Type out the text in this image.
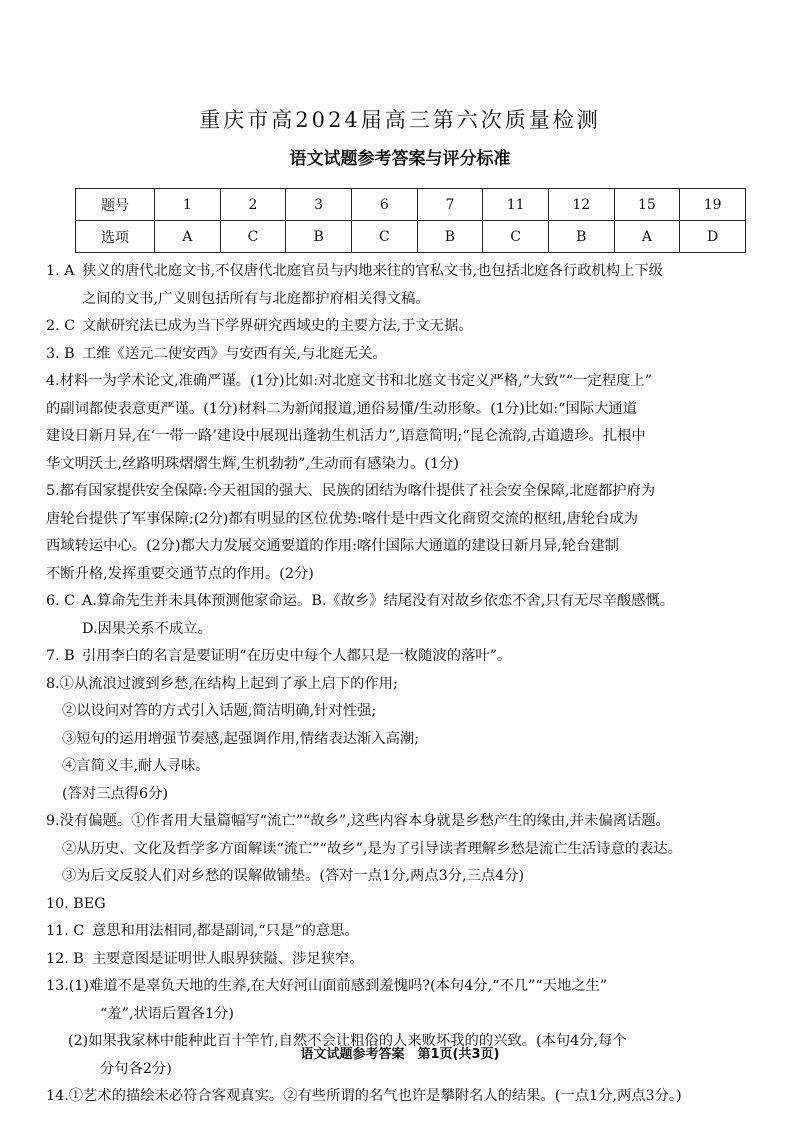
重庆市高2024届高三第六次质量检测
语文试题参考答案与评分标准
题号	1	2	3	6	7	11	12	15	19
选项	A	C	B	C	B	C	B	A	D
1. A 狭义的唐代北庭文书,不仅唐代北庭官员与内地来往的官私文书,也包括北庭各行政机构上下级
之间的文书,广义则包括所有与北庭都护府相关得文稿。
2. C 文献研究法已成为当下学界研究西域史的主要方法,于文无据。
3. B 工维《送元二使安西》与安西有关,与北庭无关。
4.材料一为学术论文,准确严谨。(1分)比如:对北庭文书和北庭文书定义严格,“大致”“一定程度上”
的副词都使表意更严谨。(1分)材料二为新闻报道,通俗易懂/生动形象。(1分)比如:“国际大通道
建设日新月异,在‘一带一路’建设中展现出蓬勃生机活力”,语意简明;“昆仑流韵,古道遗珍。扎根中
华文明沃土,丝路明珠熠熠生辉,生机勃勃”,生动而有感染力。(1分)
5.都有国家提供安全保障:今天祖国的强大、民族的团结为喀什提供了社会安全保障,北庭都护府为
唐轮台提供了军事保障;(2分)都有明显的区位优势:喀什是中西文化商贸交流的枢纽,唐轮台成为
西域转运中心。(2分)都大力发展交通要道的作用:喀什国际大通道的建设日新月异,轮台建制
不断升格,发挥重要交通节点的作用。(2分)
6. C A.算命先生并未具体预测他家命运。B.《故乡》结尾没有对故乡依恋不舍,只有无尽辛酸感慨。
D.因果关系不成立。
7. B 引用李白的名言是要证明“在历史中每个人都只是一枚随波的落叶”。
8.①从流浪过渡到乡愁,在结构上起到了承上启下的作用;
②以设问对答的方式引入话题,简洁明确,针对性强;
③短句的运用增强节奏感,起强调作用,情绪表达渐入高潮;
④言简义丰,耐人寻味。
(答对三点得6分)
9.没有偏题。①作者用大量篇幅写“流亡”“故乡”,这些内容本身就是乡愁产生的缘由,并未偏离话题。
②从历史、文化及哲学多方面解读“流亡”“故乡”,是为了引导读者理解乡愁是流亡生活诗意的表达。
③为后文反驳人们对乡愁的误解做铺垫。(答对一点1分,两点3分,三点4分)
10. BEG
11. C 意思和用法相同,都是副词,“只是”的意思。
12. B 主要意图是证明世人眼界狭隘、涉足狭窄。
13.(1)难道不是辜负天地的生养,在大好河山面前感到羞愧吗?(本句4分,“不几”“天地之生”
“羞”,状语后置各1分)
(2)如果我家林中能种此百十竿竹,自然不会让粗俗的人来败坏我的的兴致。(本句4分,每个
分句各2分)
14.①艺术的描绘未必符合客观真实。②有些所谓的名气也许是攀附名人的结果。(一点1分,两点3分。)
语文试题参考答案　第1页(共3页)
